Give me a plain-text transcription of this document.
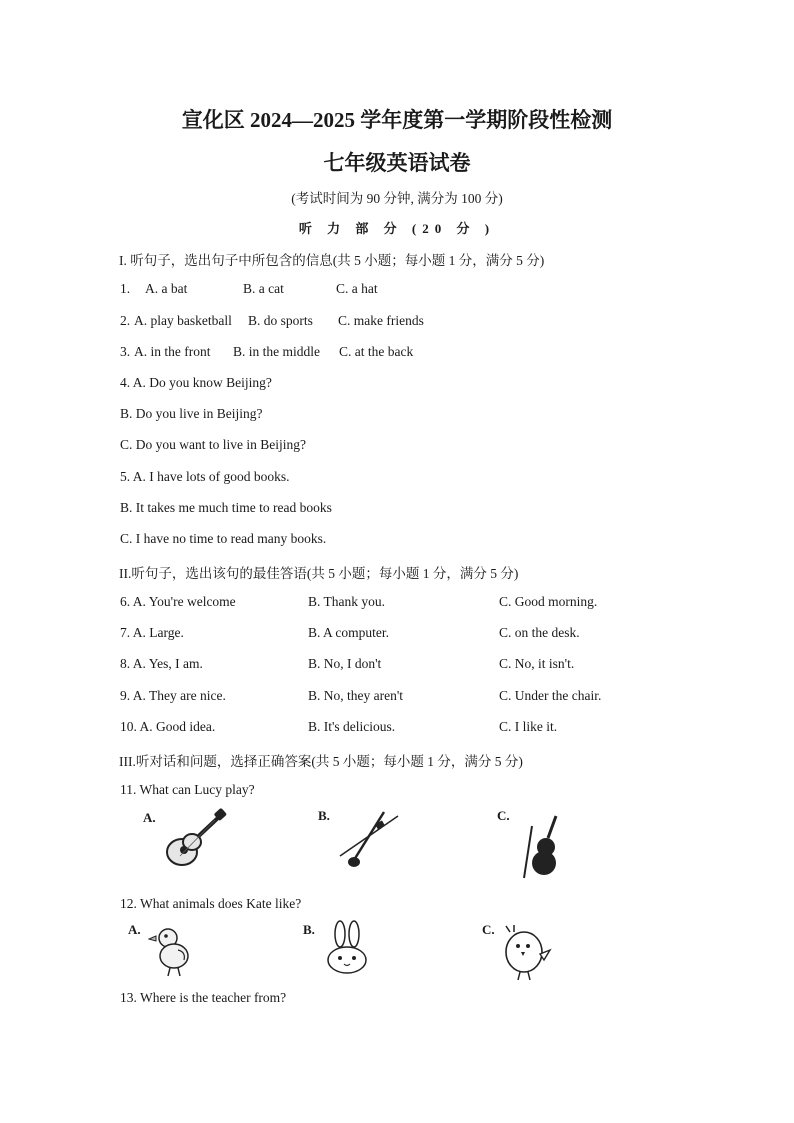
宣化区 2024—2025 学年度第一学期阶段性检测
七年级英语试卷
(考试时间为 90 分钟, 满分为 100 分)
听 力 部 分 (20 分 )
I. 听句子，选出句子中所包含的信息(共 5 小题；每小题 1 分，满分 5 分)
1. A. a bat	B. a cat	C. a hat
2. A. play basketball B. do sports C. make friends
3. A. in the front B. in the middle C. at the back
4. A. Do you know Beijing?
B. Do you live in Beijing?
C. Do you want to live in Beijing?
5. A. I have lots of good books.
B. It takes me much time to read books
C. I have no time to read many books.
II.听句子，选出该句的最佳答语(共 5 小题；每小题 1 分，满分 5 分)
6. A. You're welcome	B. Thank you.	C. Good morning.
7. A. Large.	B. A computer.	C. on the desk.
8. A. Yes, I am.	B. No, I don't	C. No, it isn't.
9. A. They are nice.	B. No, they aren't	C. Under the chair.
10. A. Good idea.	B. It's delicious.	C. I like it.
III.听对话和问题，选择正确答案(共 5 小题；每小题 1 分，满分 5 分)
11. What can Lucy play?
A.	B.	C.
12. What animals does Kate like?
A.	B.	C.
13. Where is the teacher from?
